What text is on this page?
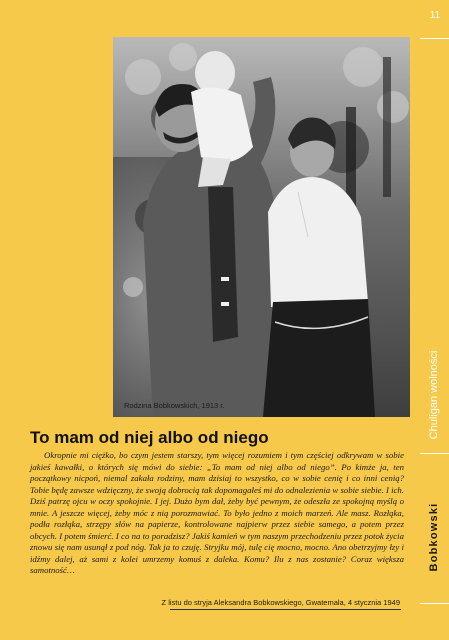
11
Chuligan wolności
Bobkowski
Rodzina Bobkowskich, 1913 r.
To mam od niej albo od niego

Okropnie mi ciężko, bo czym jestem starszy, tym więcej rozumiem i tym częściej odkrywam w sobie jakieś kawałki, o których się mówi do siebie: „To mam od niej albo od niego”. Po kimże ja, ten początkowy nicpoń, niemal zakała rodziny, mam dzisiaj to wszystko, co w sobie cenię i co inni cenią? Tobie będę zawsze wdzięczny, że swoją dobrocią tak dopomagałeś mi do odnalezienia w sobie siebie. I ich. Dziś patrzę ojcu w oczy spokojnie. I jej. Dużo bym dał, żeby być pewnym, że odeszła ze spokojną myślą o mnie. A jeszcze więcej, żeby móc z nią porozmawiać. To było jedno z moich marzeń. Ale masz. Rozłąka, podła rozłąka, strzępy słów na papierze, kontrolowane najpierw przez siebie samego, a potem przez obcych. I potem śmierć. I co na to poradzisz? Jakiś kamień w tym naszym przechodzeniu przez potok życia znowu się nam usunął z pod nóg. Tak ja to czuję. Stryjku mój, tulę cię mocno, mocno. Ano obetrzyjmy łzy i idźmy dalej, aż sami z kolei umrzemy komuś z daleka. Komu? Ilu z nas zostanie? Coraz większa samotność…

Z listu do stryja Aleksandra Bobkowskiego, Gwatemala, 4 stycznia 1949
